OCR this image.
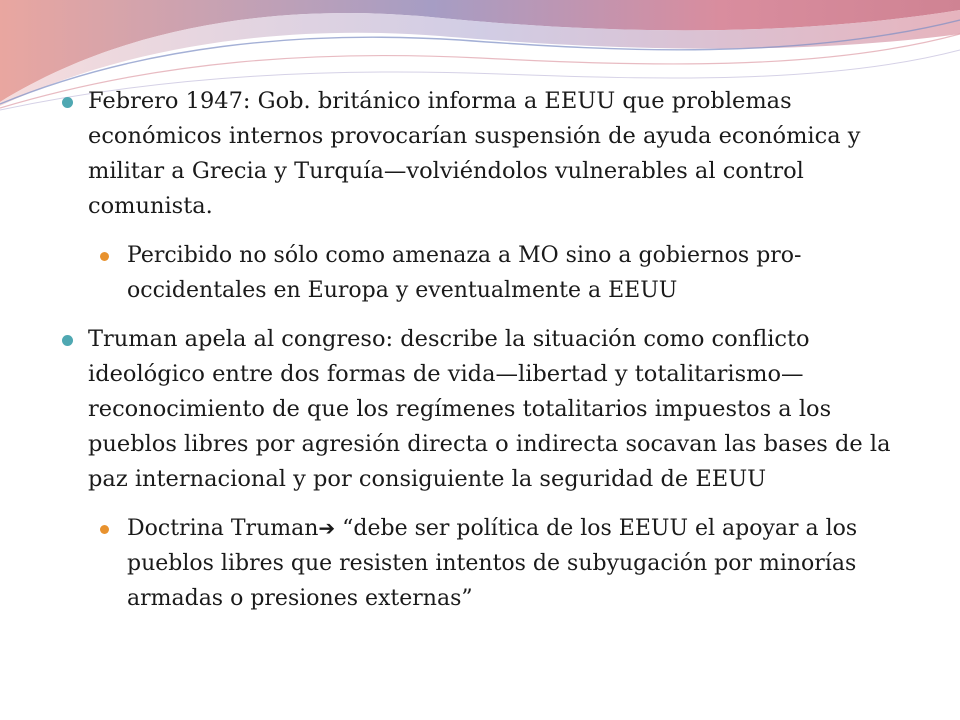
Febrero 1947: Gob. británico informa a EEUU que problemas económicos internos provocarían suspensión de ayuda económica y militar a Grecia y Turquía—volviéndolos vulnerables al control comunista.
Percibido no sólo como amenaza a MO sino a gobiernos pro-occidentales en Europa y eventualmente a EEUU
Truman apela al congreso: describe la situación como conflicto ideológico entre dos formas de vida—libertad y totalitarismo—reconocimiento de que los regímenes totalitarios impuestos a los pueblos libres por agresión directa o indirecta socavan las bases de la paz internacional y por consiguiente la seguridad de EEUU
Doctrina Truman➔ “debe ser política de los EEUU el apoyar a los pueblos libres que resisten intentos de subyugación por minorías armadas o presiones externas”
